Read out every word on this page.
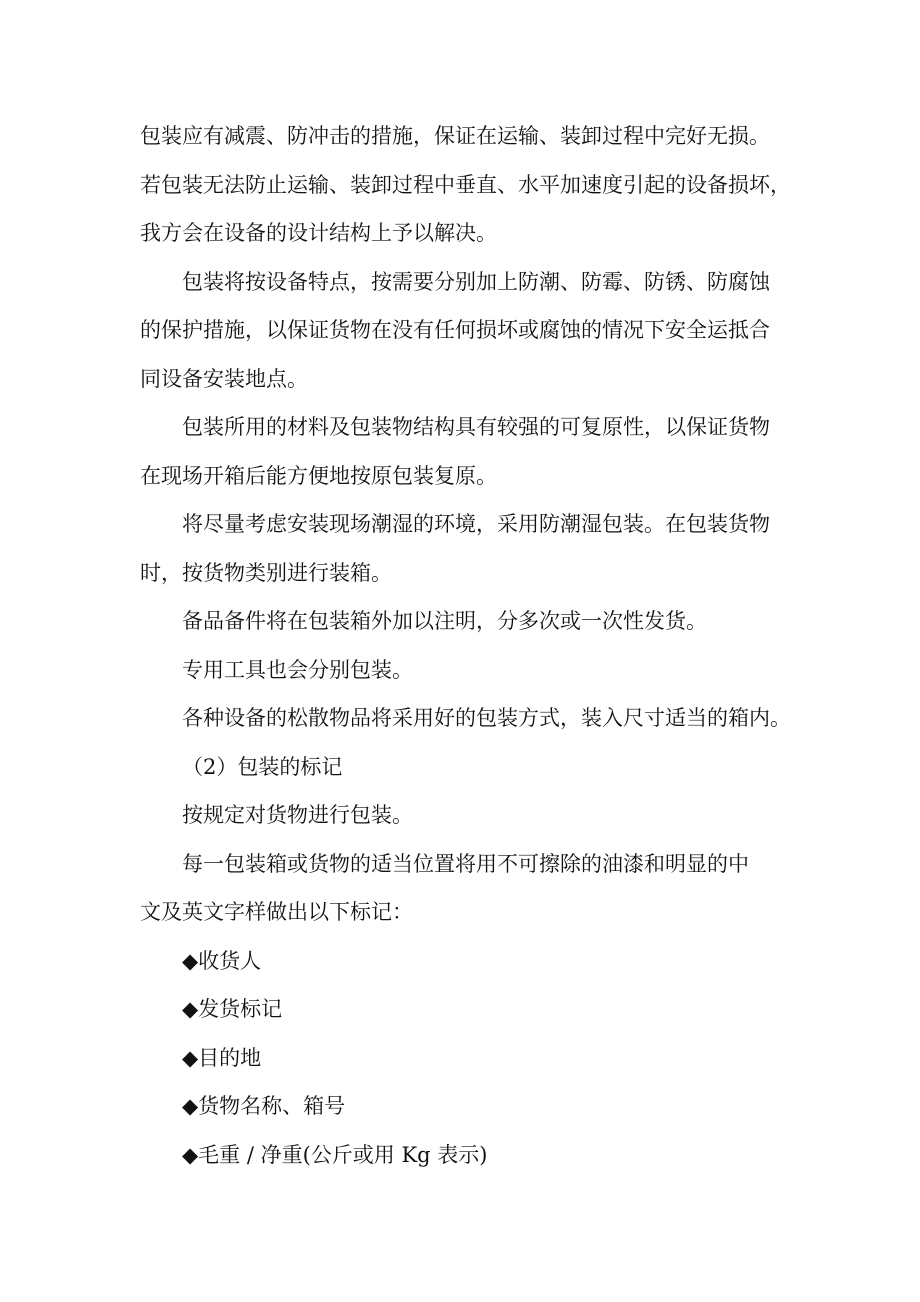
包装应有减震、防冲击的措施，保证在运输、装卸过程中完好无损。
若包装无法防止运输、装卸过程中垂直、水平加速度引起的设备损坏，
我方会在设备的设计结构上予以解决。

包装将按设备特点，按需要分别加上防潮、防霉、防锈、防腐蚀
的保护措施，以保证货物在没有任何损坏或腐蚀的情况下安全运抵合
同设备安装地点。

包装所用的材料及包装物结构具有较强的可复原性，以保证货物
在现场开箱后能方便地按原包装复原。

将尽量考虑安装现场潮湿的环境，采用防潮湿包装。在包装货物
时，按货物类别进行装箱。

备品备件将在包装箱外加以注明，分多次或一次性发货。

专用工具也会分别包装。

各种设备的松散物品将采用好的包装方式，装入尺寸适当的箱内。

（2）包装的标记

按规定对货物进行包装。

每一包装箱或货物的适当位置将用不可擦除的油漆和明显的中
文及英文字样做出以下标记：

◆收货人

◆发货标记

◆目的地

◆货物名称、箱号

◆毛重 / 净重(公斤或用 Kg 表示)
